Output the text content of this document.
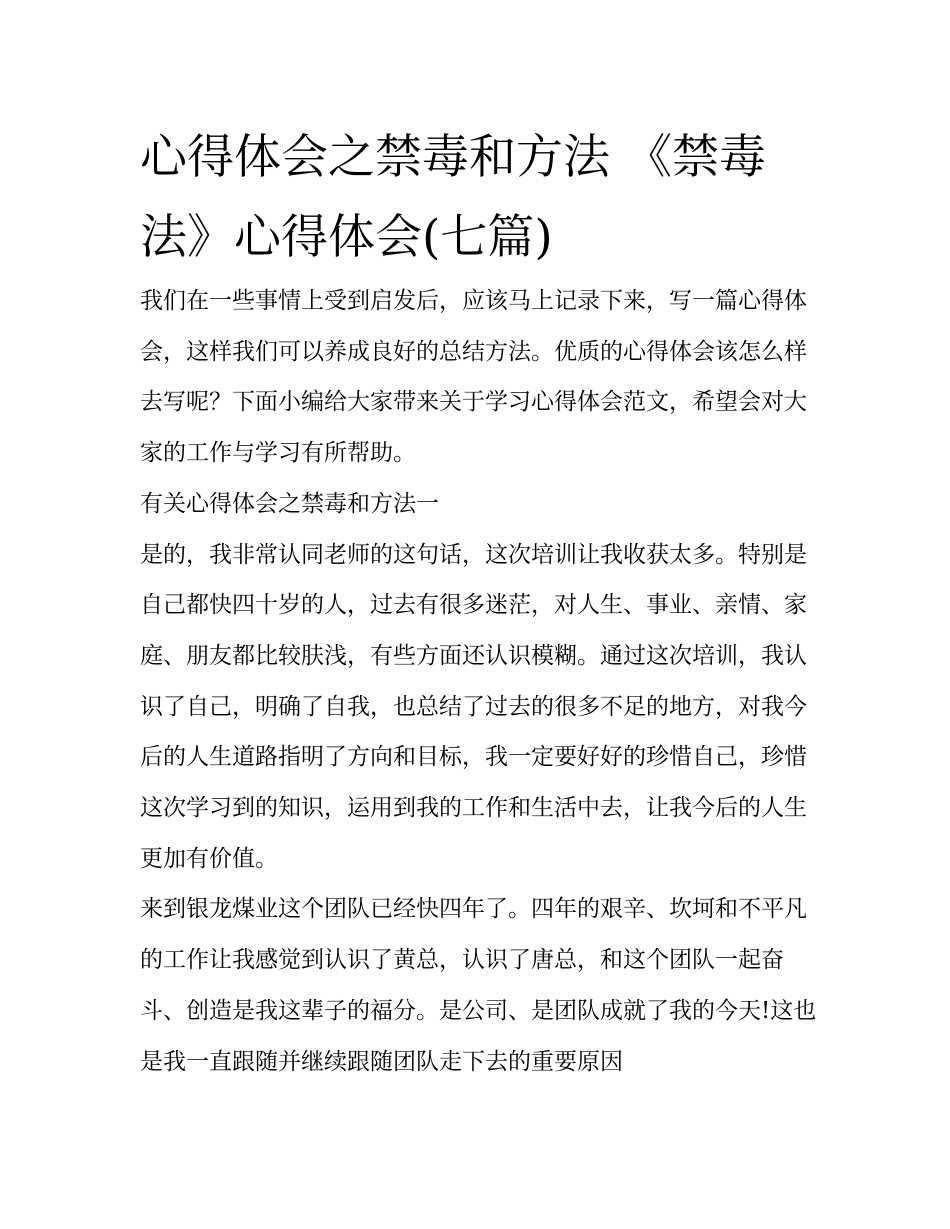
心得体会之禁毒和方法 《禁毒法》心得体会(七篇)

我们在一些事情上受到启发后，应该马上记录下来，写一篇心得体会，这样我们可以养成良好的总结方法。优质的心得体会该怎么样去写呢？下面小编给大家带来关于学习心得体会范文，希望会对大家的工作与学习有所帮助。

有关心得体会之禁毒和方法一

是的，我非常认同老师的这句话，这次培训让我收获太多。特别是自己都快四十岁的人，过去有很多迷茫，对人生、事业、亲情、家庭、朋友都比较肤浅，有些方面还认识模糊。通过这次培训，我认识了自己，明确了自我，也总结了过去的很多不足的地方，对我今后的人生道路指明了方向和目标，我一定要好好的珍惜自己，珍惜这次学习到的知识，运用到我的工作和生活中去，让我今后的人生更加有价值。

来到银龙煤业这个团队已经快四年了。四年的艰辛、坎坷和不平凡的工作让我感觉到认识了黄总，认识了唐总，和这个团队一起奋斗、创造是我这辈子的福分。是公司、是团队成就了我的今天!这也是我一直跟随并继续跟随团队走下去的重要原因
